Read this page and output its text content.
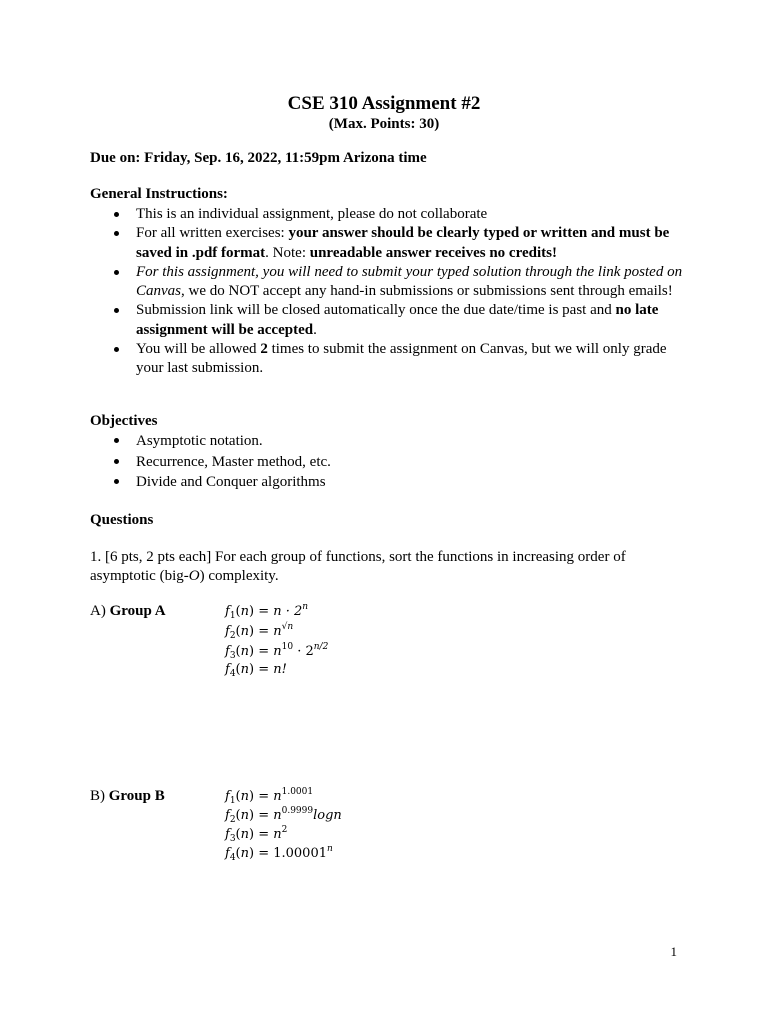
CSE 310 Assignment #2
(Max. Points: 30)
Due on: Friday, Sep. 16, 2022, 11:59pm Arizona time
General Instructions:
This is an individual assignment, please do not collaborate
For all written exercises: your answer should be clearly typed or written and must be saved in .pdf format. Note: unreadable answer receives no credits!
For this assignment, you will need to submit your typed solution through the link posted on Canvas, we do NOT accept any hand-in submissions or submissions sent through emails!
Submission link will be closed automatically once the due date/time is past and no late assignment will be accepted.
You will be allowed 2 times to submit the assignment on Canvas, but we will only grade your last submission.
Objectives
Asymptotic notation.
Recurrence, Master method, etc.
Divide and Conquer algorithms
Questions

1. [6 pts, 2 pts each] For each group of functions, sort the functions in increasing order of asymptotic (big-O) complexity.

A) Group A	$f_1(n) = n \cdot 2^n$
$f_2(n) = n^{√n}$
$f_3(n) = n^{10} \cdot 2^{n/2}$
$f_4(n) = n$!
B) Group B	$f_1(n) = n^{1.0001}$
$f_2(n) = n^{0.9999}\log n$
$f_3(n) = n^2$
$f_4(n) = 1.00001^n$
1
